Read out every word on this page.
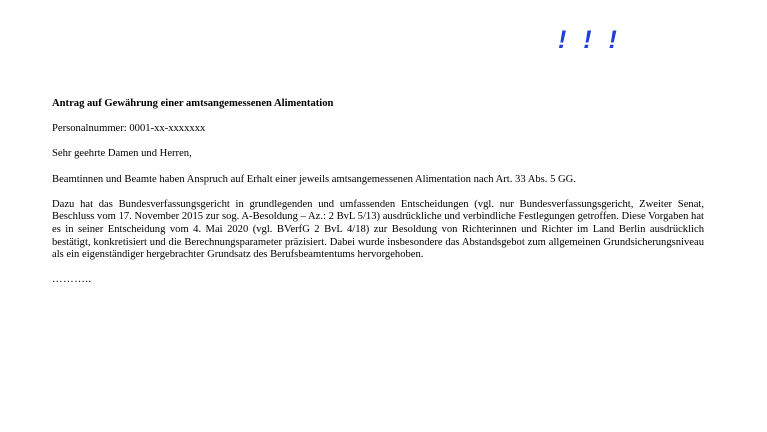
! ! !

Antrag auf Gewährung einer amtsangemessenen Alimentation

Personalnummer: 0001-xx-xxxxxxx

Sehr geehrte Damen und Herren,

Beamtinnen und Beamte haben Anspruch auf Erhalt einer jeweils amtsangemessenen Alimentation nach Art. 33 Abs. 5 GG.

Dazu hat das Bundesverfassungsgericht in grundlegenden und umfassenden Entscheidungen (vgl. nur Bundesverfassungsgericht, Zweiter Senat, Beschluss vom 17. November 2015 zur sog. A-Besoldung – Az.: 2 BvL 5/13) ausdrückliche und verbindliche Festlegungen getroffen. Diese Vorgaben hat es in seiner Entscheidung vom 4. Mai 2020 (vgl. BVerfG 2 BvL 4/18) zur Besoldung von Richterinnen und Richter im Land Berlin ausdrücklich bestätigt, konkretisiert und die Berechnungsparameter präzisiert. Dabei wurde insbesondere das Abstandsgebot zum allgemeinen Grundsicherungsniveau als ein eigenständiger hergebrachter Grundsatz des Berufsbeamtentums hervorgehoben.

………..
